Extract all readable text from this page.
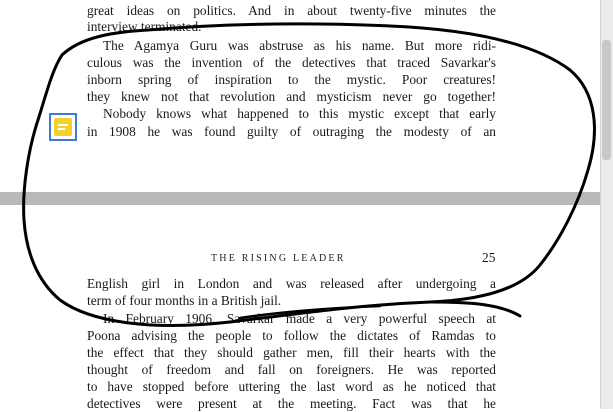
great ideas on politics. And in about twenty-five minutes the
interview terminated.
The Agamya Guru was abstruse as his name. But more ridi-
culous was the invention of the detectives that traced Savarkar's
inborn spring of inspiration to the mystic. Poor creatures!
they knew not that revolution and mysticism never go together!
Nobody knows what happened to this mystic except that early
in 1908 he was found guilty of outraging the modesty of an
THE RISING LEADER	25
English girl in London and was released after undergoing a
term of four months in a British jail.
In February 1906, Savarkar made a very powerful speech at
Poona advising the people to follow the dictates of Ramdas to
the effect that they should gather men, fill their hearts with the
thought of freedom and fall on foreigners. He was reported
to have stopped before uttering the last word as he noticed that
detectives were present at the meeting. Fact was that he
